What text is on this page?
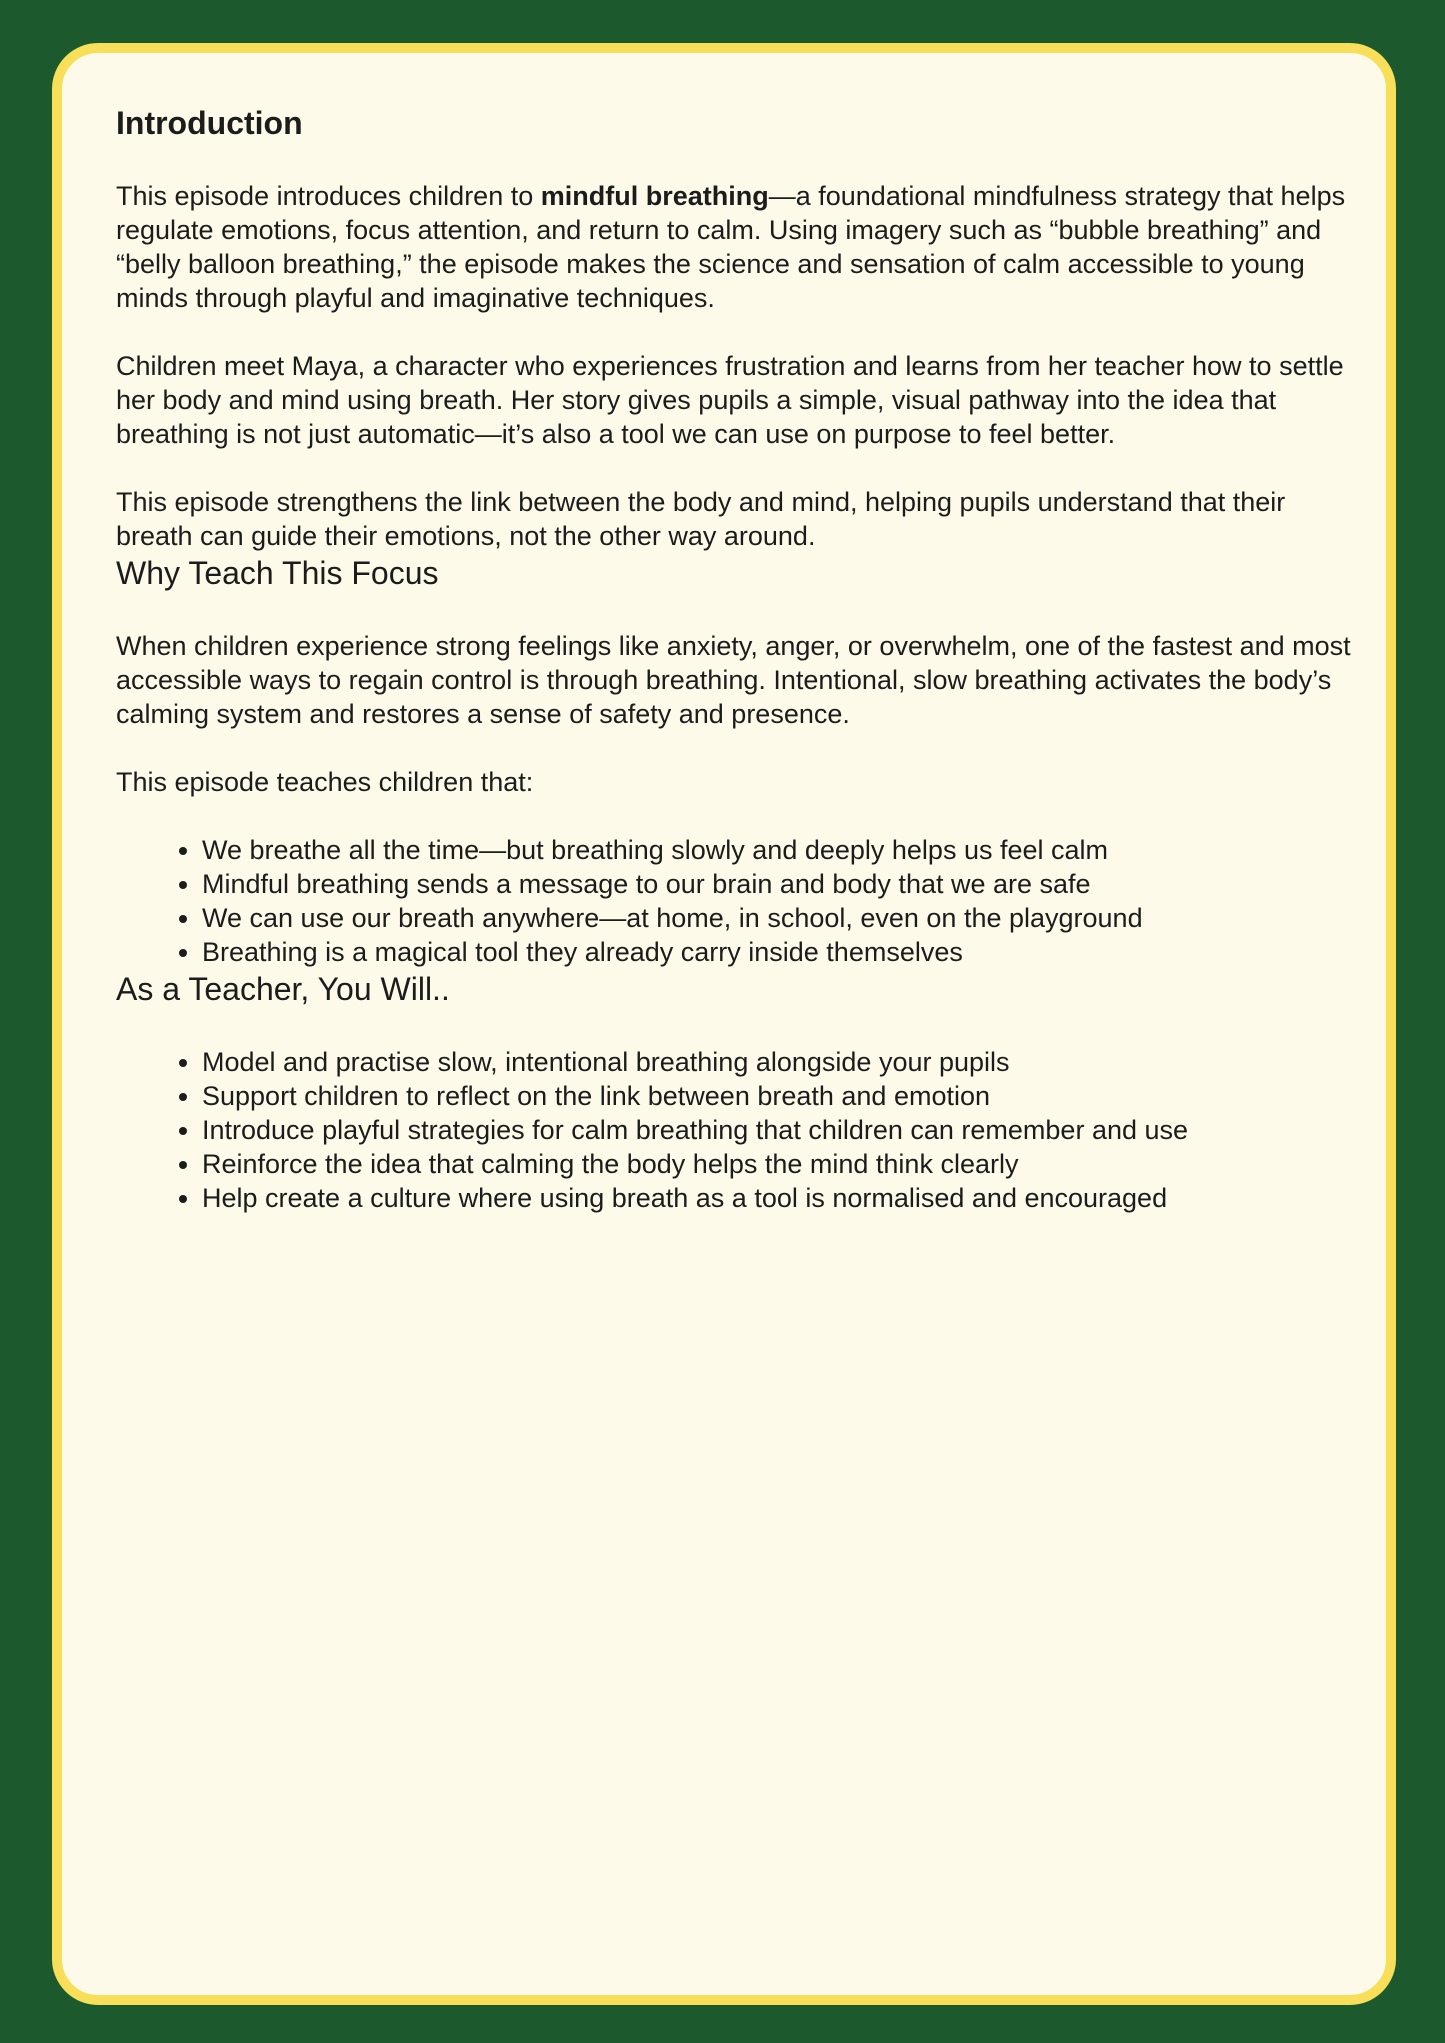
Introduction

This episode introduces children to mindful breathing—a foundational mindfulness strategy that helps regulate emotions, focus attention, and return to calm. Using imagery such as “bubble breathing” and “belly balloon breathing,” the episode makes the science and sensation of calm accessible to young minds through playful and imaginative techniques.

Children meet Maya, a character who experiences frustration and learns from her teacher how to settle her body and mind using breath. Her story gives pupils a simple, visual pathway into the idea that breathing is not just automatic—it’s also a tool we can use on purpose to feel better.

This episode strengthens the link between the body and mind, helping pupils understand that their breath can guide their emotions, not the other way around.

Why Teach This Focus

When children experience strong feelings like anxiety, anger, or overwhelm, one of the fastest and most accessible ways to regain control is through breathing. Intentional, slow breathing activates the body’s calming system and restores a sense of safety and presence.

This episode teaches children that:

• We breathe all the time—but breathing slowly and deeply helps us feel calm
• Mindful breathing sends a message to our brain and body that we are safe
• We can use our breath anywhere—at home, in school, even on the playground
• Breathing is a magical tool they already carry inside themselves
As a Teacher, You Will..
• Model and practise slow, intentional breathing alongside your pupils
• Support children to reflect on the link between breath and emotion
• Introduce playful strategies for calm breathing that children can remember and use
• Reinforce the idea that calming the body helps the mind think clearly
• Help create a culture where using breath as a tool is normalised and encouraged
